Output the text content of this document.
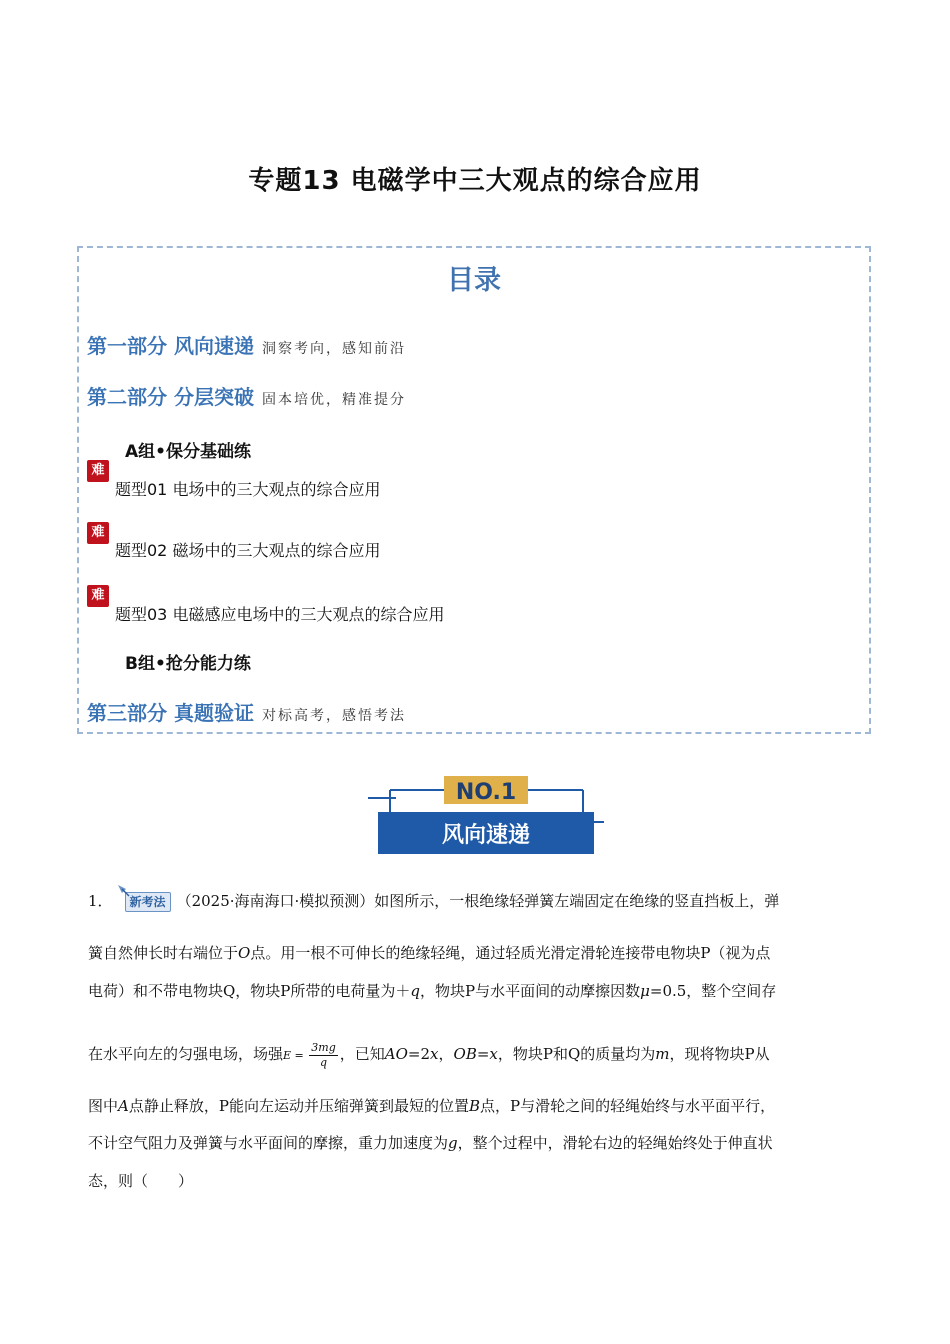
专题13 电磁学中三大观点的综合应用
目录
第一部分 风向速递 洞察考向，感知前沿
第二部分 分层突破 固本培优，精准提分
A组•保分基础练
难
题型01 电场中的三大观点的综合应用
难
题型02 磁场中的三大观点的综合应用
难
题型03 电磁感应电场中的三大观点的综合应用
B组•抢分能力练
第三部分 真题验证 对标高考，感悟考法
NO.1
风向速递
1． 新考法 （2025·海南海口·模拟预测）如图所示，一根绝缘轻弹簧左端固定在绝缘的竖直挡板上，弹
簧自然伸长时右端位于O点。用一根不可伸长的绝缘轻绳，通过轻质光滑定滑轮连接带电物块P（视为点
电荷）和不带电物块Q，物块P所带的电荷量为＋q，物块P与水平面间的动摩擦因数μ=0.5，整个空间存
在水平向左的匀强电场，场强$E = \frac{3mg}{q}$ ，已知AO=2x，OB=x，物块P和Q的质量均为m，现将物块P从
图中A点静止释放，P能向左运动并压缩弹簧到最短的位置B点，P与滑轮之间的轻绳始终与水平面平行，
不计空气阻力及弹簧与水平面间的摩擦，重力加速度为g，整个过程中，滑轮右边的轻绳始终处于伸直状
态，则（　　）
